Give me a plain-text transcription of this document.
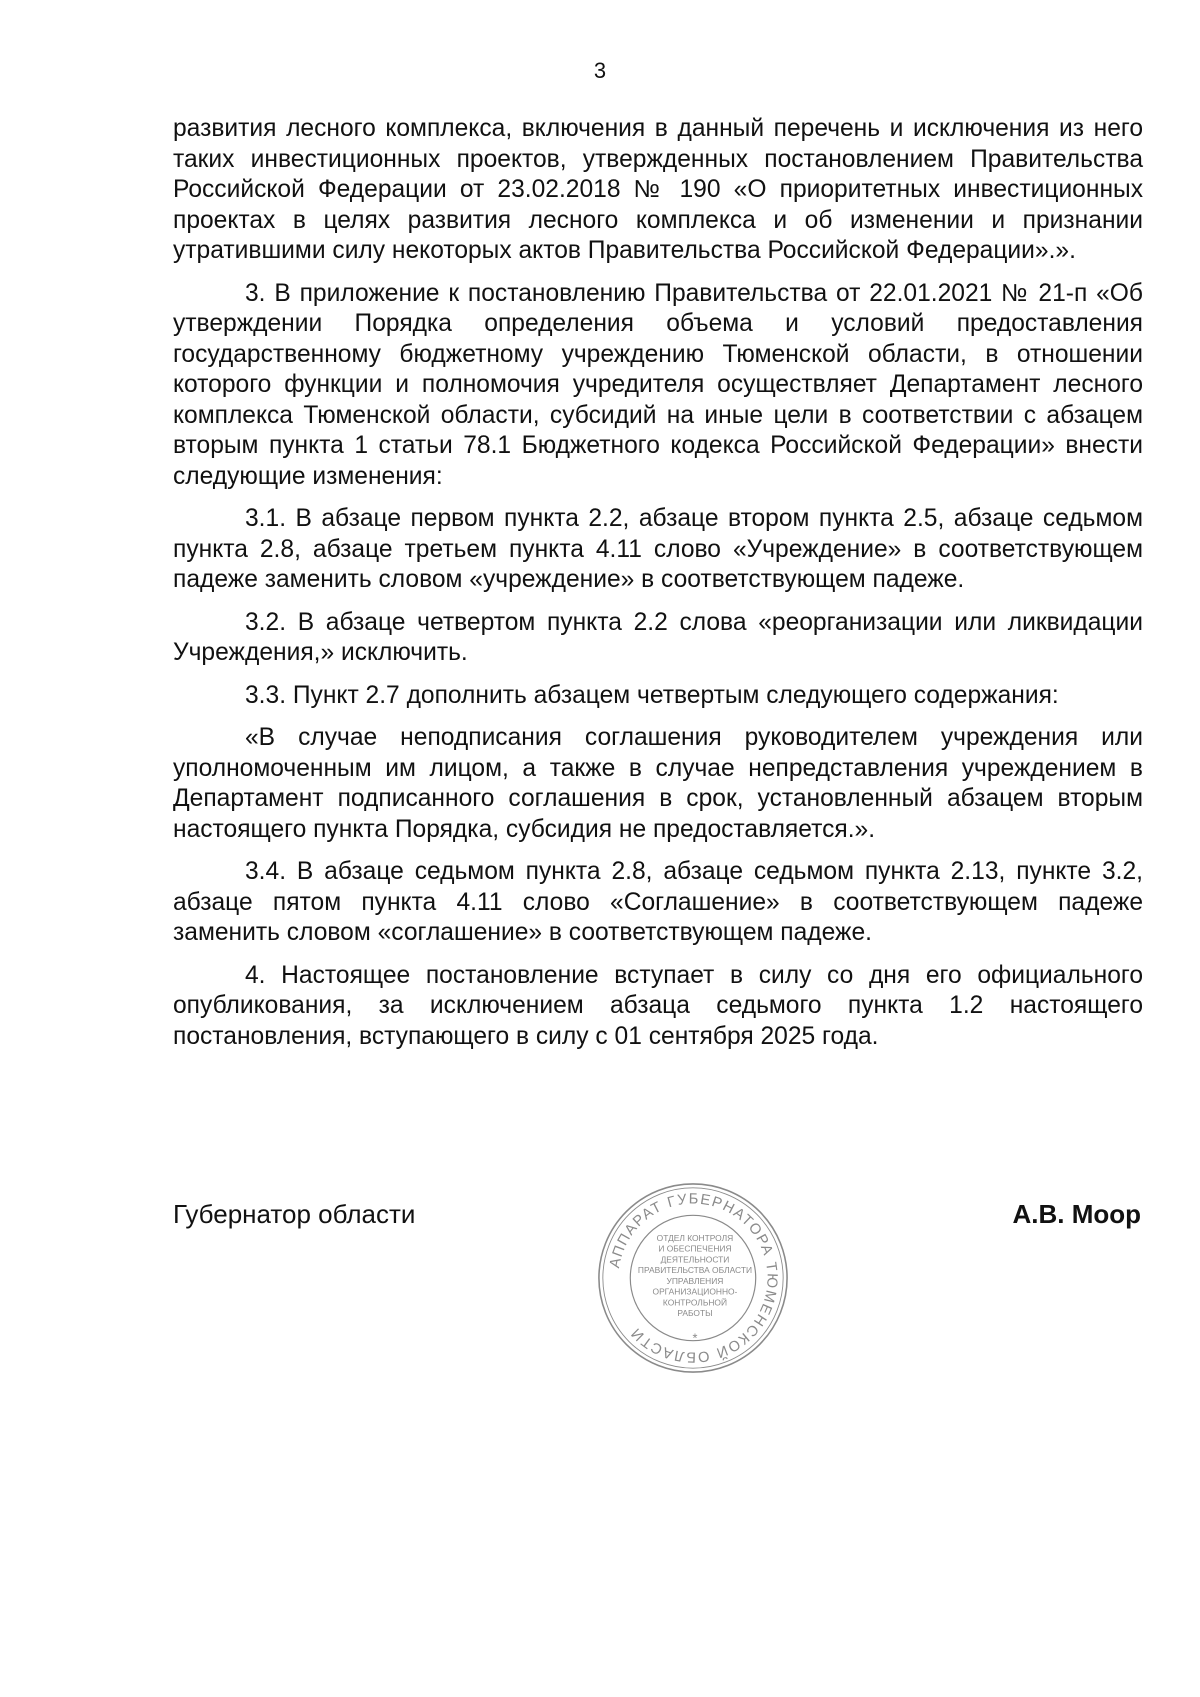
3

развития лесного комплекса, включения в данный перечень и исключения из него таких инвестиционных проектов, утвержденных постановлением Правительства Российской Федерации от 23.02.2018 № 190 «О приоритетных инвестиционных проектах в целях развития лесного комплекса и об изменении и признании утратившими силу некоторых актов Правительства Российской Федерации».».

3. В приложение к постановлению Правительства от 22.01.2021 № 21-п «Об утверждении Порядка определения объема и условий предоставления государственному бюджетному учреждению Тюменской области, в отношении которого функции и полномочия учредителя осуществляет Департамент лесного комплекса Тюменской области, субсидий на иные цели в соответствии с абзацем вторым пункта 1 статьи 78.1 Бюджетного кодекса Российской Федерации» внести следующие изменения:

3.1. В абзаце первом пункта 2.2, абзаце втором пункта 2.5, абзаце седьмом пункта 2.8, абзаце третьем пункта 4.11 слово «Учреждение» в соответствующем падеже заменить словом «учреждение» в соответствующем падеже.

3.2. В абзаце четвертом пункта 2.2 слова «реорганизации или ликвидации Учреждения,» исключить.

3.3. Пункт 2.7 дополнить абзацем четвертым следующего содержания:

«В случае неподписания соглашения руководителем учреждения или уполномоченным им лицом, а также в случае непредставления учреждением в Департамент подписанного соглашения в срок, установленный абзацем вторым настоящего пункта Порядка, субсидия не предоставляется.».

3.4. В абзаце седьмом пункта 2.8, абзаце седьмом пункта 2.13, пункте 3.2, абзаце пятом пункта 4.11 слово «Соглашение» в соответствующем падеже заменить словом «соглашение» в соответствующем падеже.

4. Настоящее постановление вступает в силу со дня его официального опубликования, за исключением абзаца седьмого пункта 1.2 настоящего постановления, вступающего в силу с 01 сентября 2025 года.

Губернатор области
АППАРАТ ГУБЕРНАТОРА ТЮМЕНСКОЙ ОБЛАСТИ	*
ОТДЕЛ КОНТРОЛЯ
И ОБЕСПЕЧЕНИЯ
ДЕЯТЕЛЬНОСТИ
ПРАВИТЕЛЬСТВА ОБЛАСТИ
УПРАВЛЕНИЯ
ОРГАНИЗАЦИОННО-
КОНТРОЛЬНОЙ
РАБОТЫ
А.В. Моор
